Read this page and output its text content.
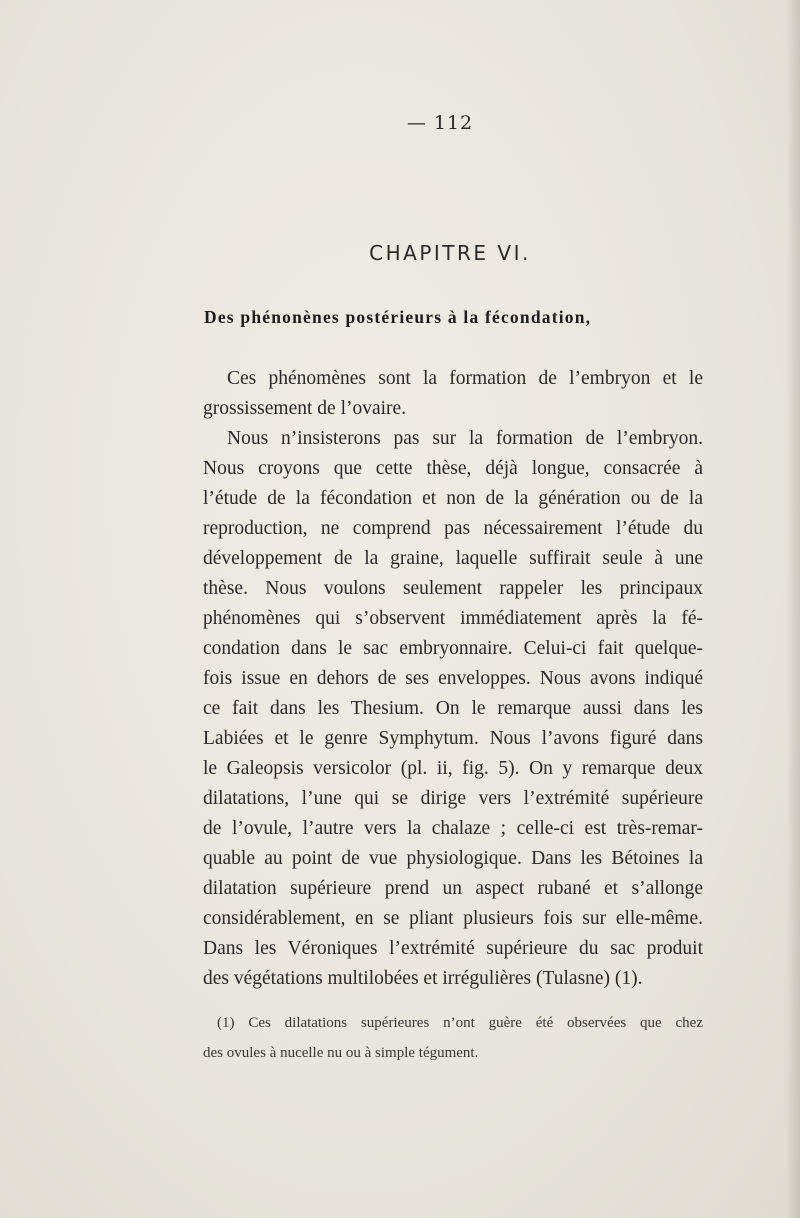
— 112
CHAPITRE VI.
Des phénonènes postérieurs à la fécondation,
Ces phénomènes sont la formation de l’embryon et le
grossissement de l’ovaire.
Nous n’insisterons pas sur la formation de l’embryon.
Nous croyons que cette thèse, déjà longue, consacrée à
l’étude de la fécondation et non de la génération ou de la
reproduction, ne comprend pas nécessairement l’étude du
développement de la graine, laquelle suffirait seule à une
thèse. Nous voulons seulement rappeler les principaux
phénomènes qui s’observent immédiatement après la fé-
condation dans le sac embryonnaire. Celui-ci fait quelque-
fois issue en dehors de ses enveloppes. Nous avons indiqué
ce fait dans les Thesium. On le remarque aussi dans les
Labiées et le genre Symphytum. Nous l’avons figuré dans
le Galeopsis versicolor (pl. ii, fig. 5). On y remarque deux
dilatations, l’une qui se dirige vers l’extrémité supérieure
de l’ovule, l’autre vers la chalaze ; celle-ci est très-remar-
quable au point de vue physiologique. Dans les Bétoines la
dilatation supérieure prend un aspect rubané et s’allonge
considérablement, en se pliant plusieurs fois sur elle-même.
Dans les Véroniques l’extrémité supérieure du sac produit
des végétations multilobées et irrégulières (Tulasne) (1).
(1) Ces dilatations supérieures n’ont guère été observées que chez
des ovules à nucelle nu ou à simple tégument.
